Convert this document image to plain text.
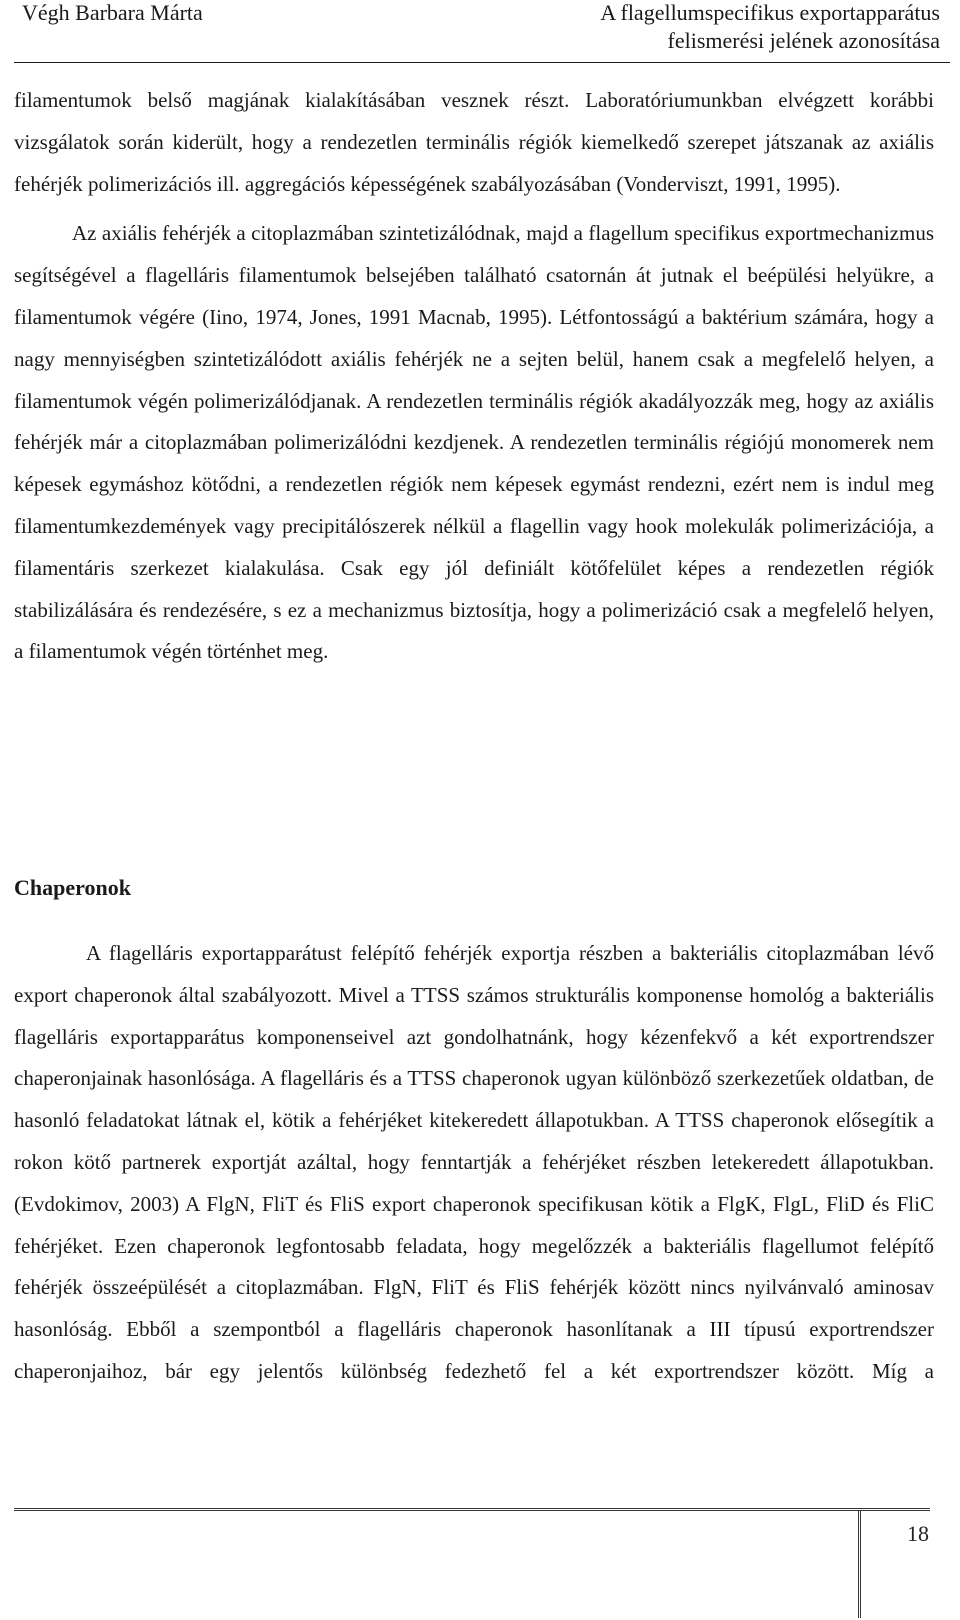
Végh Barbara Márta	A flagellumspecifikus exportapparátus
felismerési jelének azonosítása

filamentumok belső magjának kialakításában vesznek részt. Laboratóriumunkban elvégzett korábbi vizsgálatok során kiderült, hogy a rendezetlen terminális régiók kiemelkedő szerepet játszanak az axiális fehérjék polimerizációs ill. aggregációs képességének szabályozásában (Vonderviszt, 1991, 1995).

Az axiális fehérjék a citoplazmában szintetizálódnak, majd a flagellum specifikus exportmechanizmus segítségével a flagelláris filamentumok belsejében található csatornán át jutnak el beépülési helyükre, a filamentumok végére (Iino, 1974, Jones, 1991 Macnab, 1995). Létfontosságú a baktérium számára, hogy a nagy mennyiségben szintetizálódott axiális fehérjék ne a sejten belül, hanem csak a megfelelő helyen, a filamentumok végén polimerizálódjanak. A rendezetlen terminális régiók akadályozzák meg, hogy az axiális fehérjék már a citoplazmában polimerizálódni kezdjenek. A rendezetlen terminális régiójú monomerek nem képesek egymáshoz kötődni, a rendezetlen régiók nem képesek egymást rendezni, ezért nem is indul meg filamentumkezdemények vagy precipitálószerek nélkül a flagellin vagy hook molekulák polimerizációja, a filamentáris szerkezet kialakulása. Csak egy jól definiált kötőfelület képes a rendezetlen régiók stabilizálására és rendezésére, s ez a mechanizmus biztosítja, hogy a polimerizáció csak a megfelelő helyen, a filamentumok végén történhet meg.

Chaperonok

A flagelláris exportapparátust felépítő fehérjék exportja részben a bakteriális citoplazmában lévő export chaperonok által szabályozott. Mivel a TTSS számos strukturális komponense homológ a bakteriális flagelláris exportapparátus komponenseivel azt gondolhatnánk, hogy kézenfekvő a két exportrendszer chaperonjainak hasonlósága. A flagelláris és a TTSS chaperonok ugyan különböző szerkezetűek oldatban, de hasonló feladatokat látnak el, kötik a fehérjéket kitekeredett állapotukban. A TTSS chaperonok elősegítik a rokon kötő partnerek exportját azáltal, hogy fenntartják a fehérjéket részben letekeredett állapotukban. (Evdokimov, 2003) A FlgN, FliT és FliS export chaperonok specifikusan kötik a FlgK, FlgL, FliD és FliC fehérjéket. Ezen chaperonok legfontosabb feladata, hogy megelőzzék a bakteriális flagellumot felépítő fehérjék összeépülését a citoplazmában. FlgN, FliT és FliS fehérjék között nincs nyilvánvaló aminosav hasonlóság. Ebből a szempontból a flagelláris chaperonok hasonlítanak a III típusú exportrendszer chaperonjaihoz, bár egy jelentős különbség fedezhető fel a két exportrendszer között. Míg a

18
